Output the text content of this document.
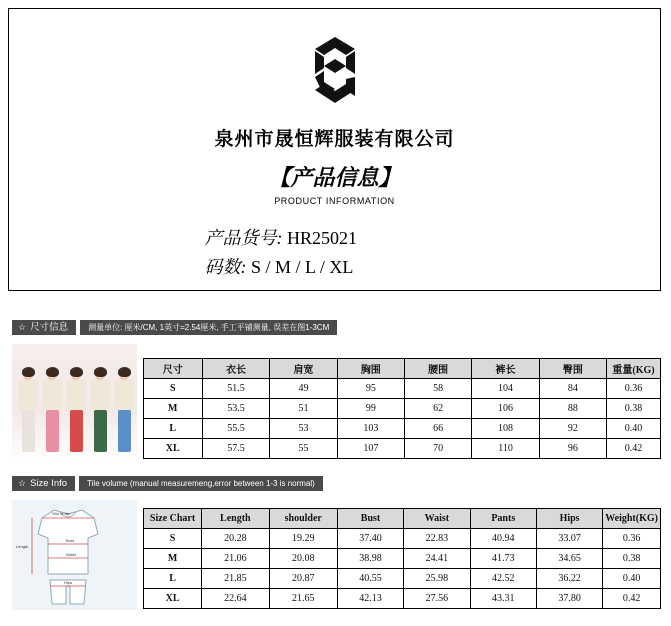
泉州市晟恒辉服装有限公司
【产品信息】
PRODUCT INFORMATION
产品货号: HR25021
码数: S / M / L / XL
☆ 尺寸信息	测量单位: 厘米/CM, 1英寸=2.54厘米, 手工平铺测量, 误差在图1-3CM
尺寸	衣长	肩宽	胸围	腰围	裤长	臀围	重量(KG)
S	51.5	49	95	58	104	84	0.36
M	53.5	51	99	62	106	88	0.38
L	55.5	53	103	66	108	92	0.40
XL	57.5	55	107	70	110	96	0.42
☆ Size Info	Tile volume (manual measuremeng,error between 1-3 is normal)
Bust
Waist
Hips
Length
Sho ul der	Size Chart	Length	shoulder	Bust	Waist	Pants	Hips	Weight(KG)
S	20.28	19.29	37.40	22.83	40.94	33.07	0.36
M	21.06	20.08	38.98	24.41	41.73	34.65	0.38
L	21.85	20.87	40.55	25.98	42.52	36.22	0.40
XL	22.64	21.65	42.13	27.56	43.31	37.80	0.42
